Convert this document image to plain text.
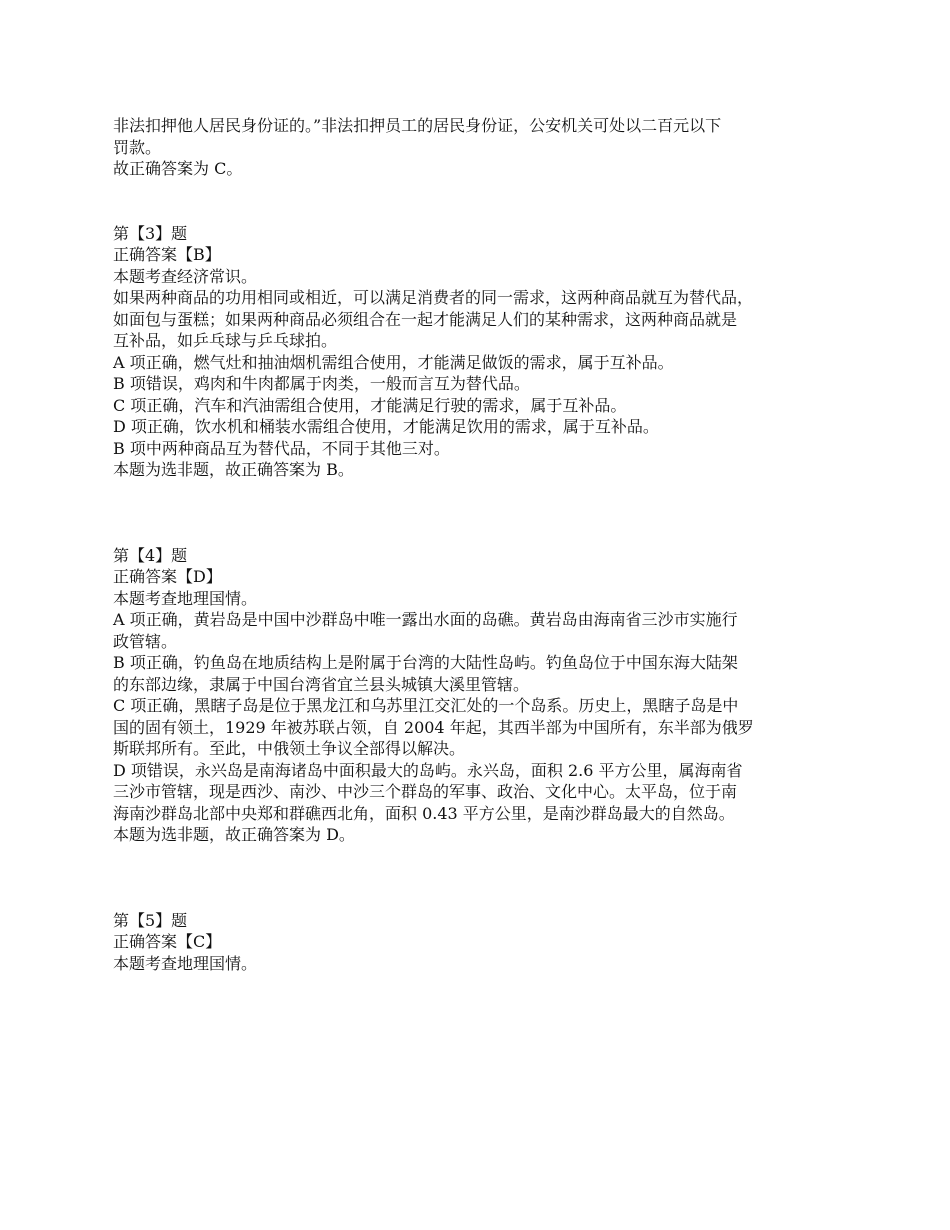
非法扣押他人居民身份证的。”非法扣押员工的居民身份证，公安机关可处以二百元以下
罚款。
故正确答案为 C。
第【3】题
正确答案【B】
本题考查经济常识。
如果两种商品的功用相同或相近，可以满足消费者的同一需求，这两种商品就互为替代品，
如面包与蛋糕；如果两种商品必须组合在一起才能满足人们的某种需求，这两种商品就是
互补品，如乒乓球与乒乓球拍。
A 项正确，燃气灶和抽油烟机需组合使用，才能满足做饭的需求，属于互补品。
B 项错误，鸡肉和牛肉都属于肉类，一般而言互为替代品。
C 项正确，汽车和汽油需组合使用，才能满足行驶的需求，属于互补品。
D 项正确，饮水机和桶装水需组合使用，才能满足饮用的需求，属于互补品。
B 项中两种商品互为替代品，不同于其他三对。
本题为选非题，故正确答案为 B。
第【4】题
正确答案【D】
本题考查地理国情。
A 项正确，黄岩岛是中国中沙群岛中唯一露出水面的岛礁。黄岩岛由海南省三沙市实施行
政管辖。
B 项正确，钓鱼岛在地质结构上是附属于台湾的大陆性岛屿。钓鱼岛位于中国东海大陆架
的东部边缘，隶属于中国台湾省宜兰县头城镇大溪里管辖。
C 项正确，黑瞎子岛是位于黑龙江和乌苏里江交汇处的一个岛系。历史上，黑瞎子岛是中
国的固有领土，1929 年被苏联占领，自 2004 年起，其西半部为中国所有，东半部为俄罗
斯联邦所有。至此，中俄领土争议全部得以解决。
D 项错误，永兴岛是南海诸岛中面积最大的岛屿。永兴岛，面积 2.6 平方公里，属海南省
三沙市管辖，现是西沙、南沙、中沙三个群岛的军事、政治、文化中心。太平岛，位于南
海南沙群岛北部中央郑和群礁西北角，面积 0.43 平方公里，是南沙群岛最大的自然岛。
本题为选非题，故正确答案为 D。
第【5】题
正确答案【C】
本题考查地理国情。
